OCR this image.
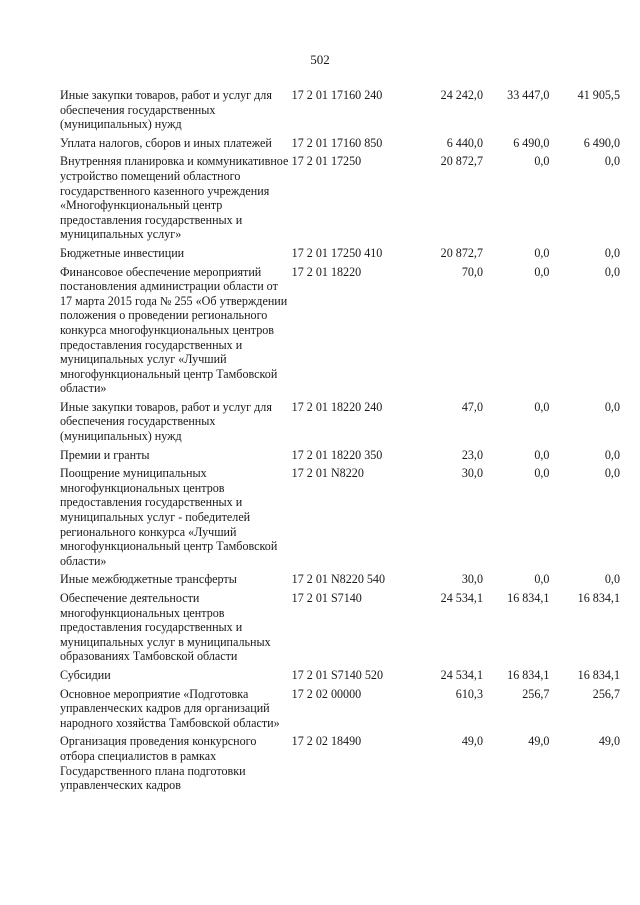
502
Иные закупки товаров, работ и услуг для обеспечения государственных (муниципальных) нужд	17 2 01 17160 240	24 242,0	33 447,0	41 905,5
Уплата налогов, сборов и иных платежей	17 2 01 17160 850	6 440,0	6 490,0	6 490,0
Внутренняя планировка и коммуникативное устройство помещений областного государственного казенного учреждения «Многофункциональный центр предоставления государственных и муниципальных услуг»	17 2 01 17250	20 872,7	0,0	0,0
Бюджетные инвестиции	17 2 01 17250 410	20 872,7	0,0	0,0
Финансовое обеспечение мероприятий постановления администрации области от 17 марта 2015 года № 255 «Об утверждении положения о проведении регионального конкурса многофункциональных центров предоставления государственных и муниципальных услуг «Лучший многофункциональный центр Тамбовской области»	17 2 01 18220	70,0	0,0	0,0
Иные закупки товаров, работ и услуг для обеспечения государственных (муниципальных) нужд	17 2 01 18220 240	47,0	0,0	0,0
Премии и гранты	17 2 01 18220 350	23,0	0,0	0,0
Поощрение муниципальных многофункциональных центров предоставления государственных и муниципальных услуг - победителей регионального конкурса «Лучший многофункциональный центр Тамбовской области»	17 2 01 N8220	30,0	0,0	0,0
Иные межбюджетные трансферты	17 2 01 N8220 540	30,0	0,0	0,0
Обеспечение деятельности многофункциональных центров предоставления государственных и муниципальных услуг в муниципальных образованиях Тамбовской области	17 2 01 S7140	24 534,1	16 834,1	16 834,1
Субсидии	17 2 01 S7140 520	24 534,1	16 834,1	16 834,1
Основное мероприятие «Подготовка управленческих кадров для организаций народного хозяйства Тамбовской области»	17 2 02 00000	610,3	256,7	256,7
Организация проведения конкурсного отбора специалистов в рамках Государственного плана подготовки управленческих кадров	17 2 02 18490	49,0	49,0	49,0
